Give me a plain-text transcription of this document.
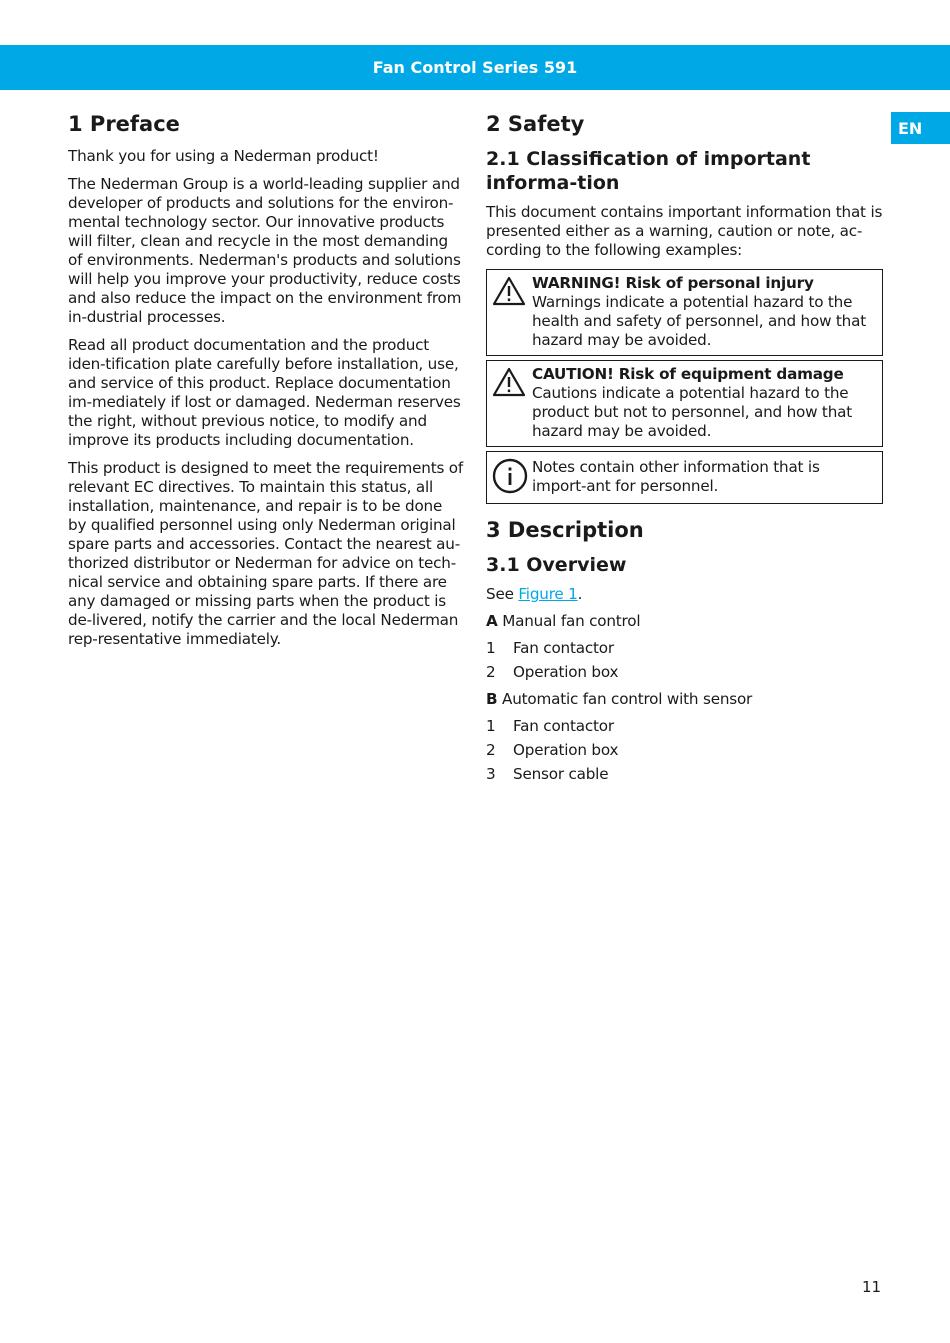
Fan Control Series 591
EN
1 Preface

Thank you for using a Nederman product!

The Nederman Group is a world-leading supplier and developer of products and solutions for the environ-mental technology sector. Our innovative products will filter, clean and recycle in the most demanding of environments. Nederman's products and solutions will help you improve your productivity, reduce costs and also reduce the impact on the environment from in-dustrial processes.

Read all product documentation and the product iden-tification plate carefully before installation, use, and service of this product. Replace documentation im-mediately if lost or damaged. Nederman reserves the right, without previous notice, to modify and improve its products including documentation.

This product is designed to meet the requirements of relevant EC directives. To maintain this status, all installation, maintenance, and repair is to be done by qualified personnel using only Nederman original spare parts and accessories. Contact the nearest au-thorized distributor or Nederman for advice on tech-nical service and obtaining spare parts. If there are any damaged or missing parts when the product is de-livered, notify the carrier and the local Nederman rep-resentative immediately.

2 Safety
2.1 Classification of important informa-tion

This document contains important information that is presented either as a warning, caution or note, ac-cording to the following examples:

WARNING! Risk of personal injury
Warnings indicate a potential hazard to the health and safety of personnel, and how that hazard may be avoided.
CAUTION! Risk of equipment damage
Cautions indicate a potential hazard to the product but not to personnel, and how that hazard may be avoided.
Notes contain other information that is import-ant for personnel.
3 Description
3.1 Overview

See Figure 1.

A Manual fan control
1	Fan contactor
2	Operation box
B Automatic fan control with sensor
1	Fan contactor
2	Operation box
3	Sensor cable
11
